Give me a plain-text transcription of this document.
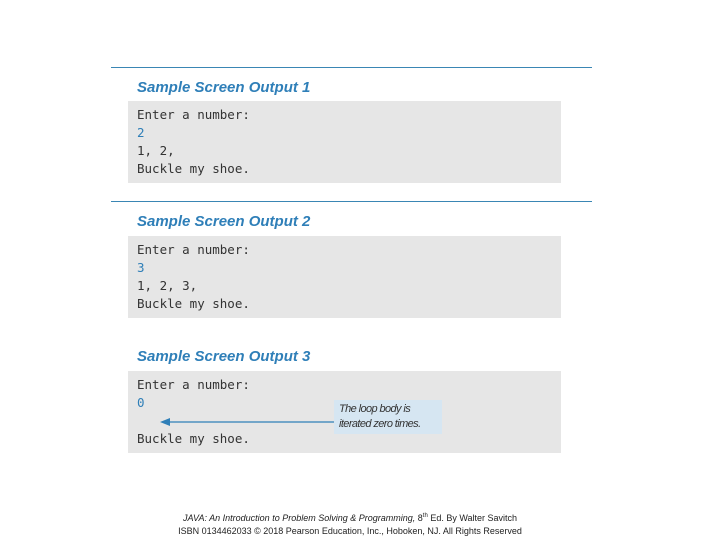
Sample Screen Output 1
Enter a number:
2
1, 2,
Buckle my shoe.
Sample Screen Output 2
Enter a number:
3
1, 2, 3,
Buckle my shoe.
Sample Screen Output 3
Enter a number:
0	The loop body is iterated zero times.
Buckle my shoe.
JAVA: An Introduction to Problem Solving & Programming, 8th Ed. By Walter Savitch
ISBN 0134462033 © 2018 Pearson Education, Inc., Hoboken, NJ. All Rights Reserved
